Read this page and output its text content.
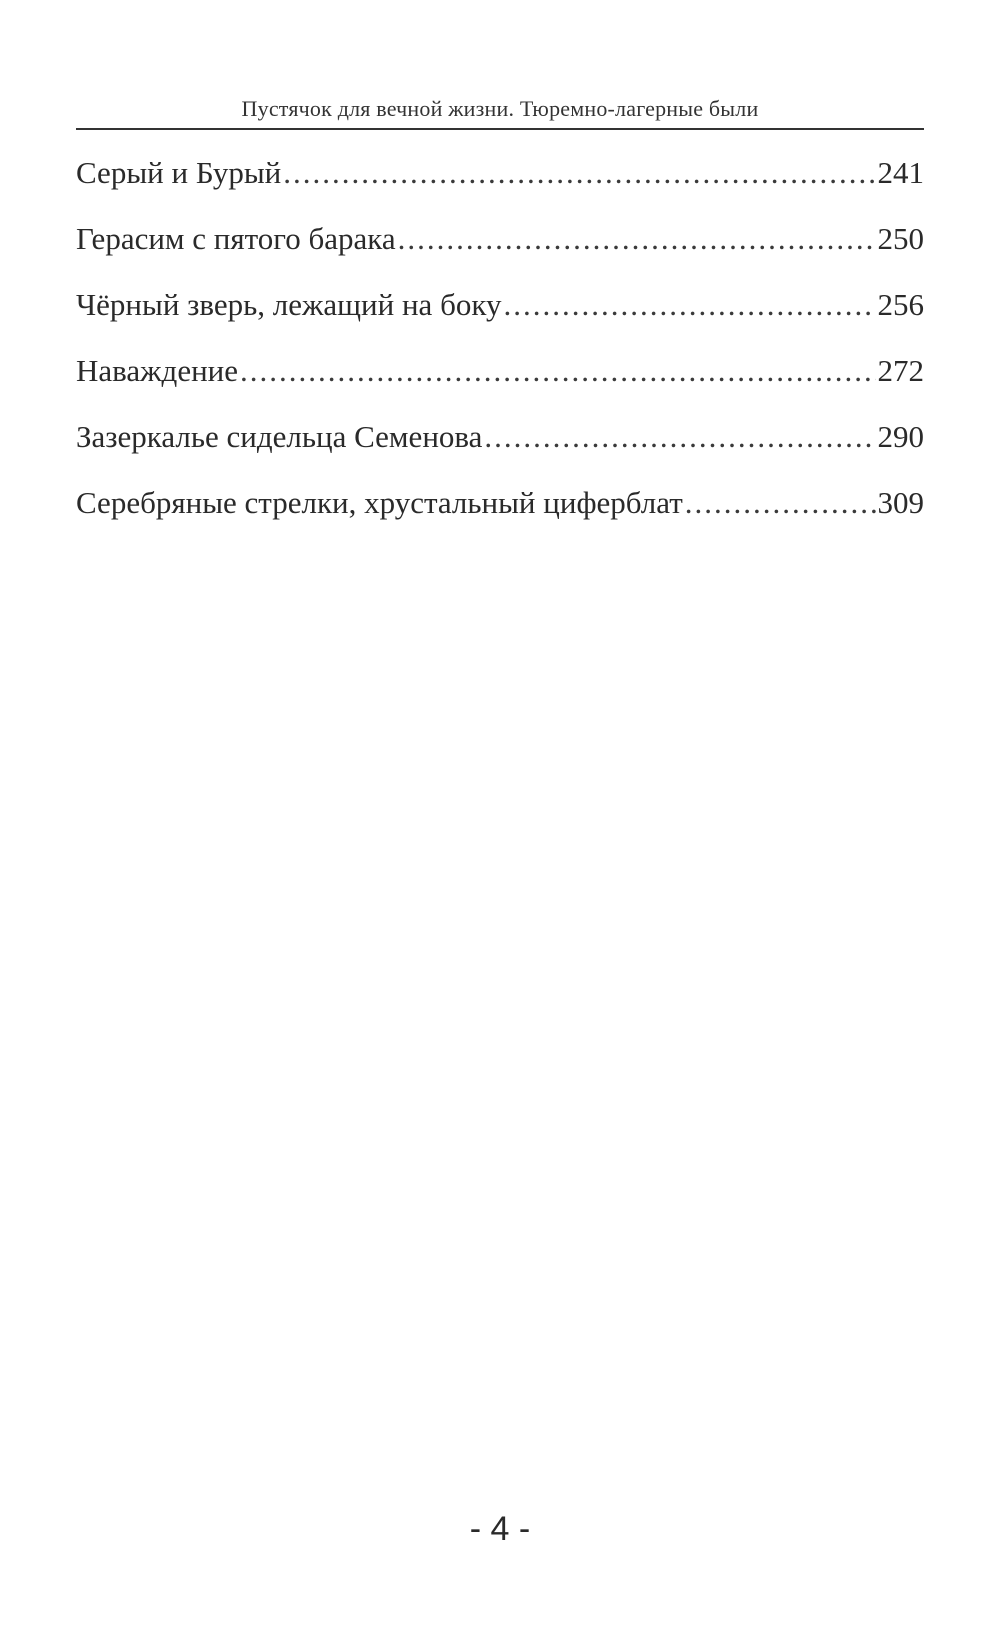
Пустячок для вечной жизни. Тюремно-лагерные были
Серый и Бурый .....	241
Герасим с пятого барака .....	250
Чёрный зверь, лежащий на боку .....	256
Наваждение .....	272
Зазеркалье сидельца Семенова .....	290
Серебряные стрелки, хрустальный циферблат .....	309
- 4 -
